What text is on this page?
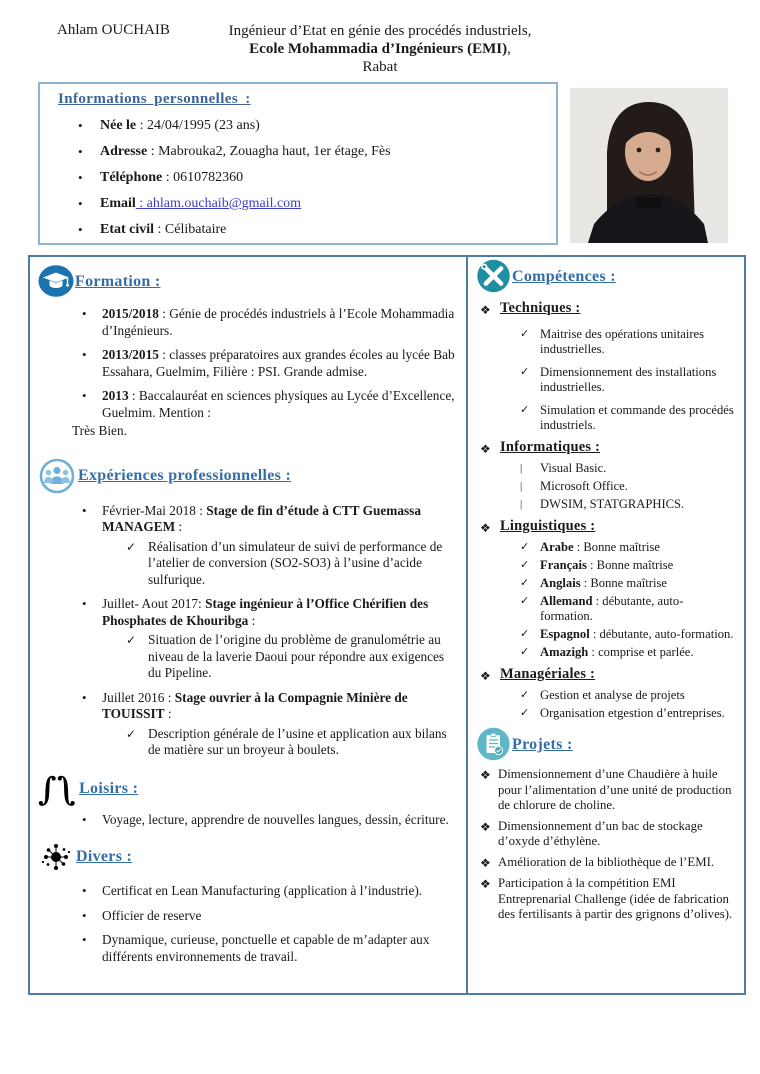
Ahlam OUCHAIB	Ingénieur d’Etat en génie des procédés industriels,
Ecole Mohammadia d’Ingénieurs (EMI),
Rabat
Informations personnelles :
•	Née le : 24/04/1995 (23 ans)
•	Adresse : Mabrouka2, Zouagha haut, 1er étage, Fès
•	Téléphone : 0610782360
•	Email : ahlam.ouchaib@gmail.com
•	Etat civil : Célibataire
Formation :
•	2015/2018 : Génie de procédés industriels à l’Ecole Mohammadia d’Ingénieurs.
•	2013/2015 : classes préparatoires aux grandes écoles au lycée Bab Essahara, Guelmim, Filière : PSI. Grande admise.
•	2013 : Baccalauréat en sciences physiques au Lycée d’Excellence, Guelmim. Mention :
Très Bien.
Expériences professionnelles :
•	Février-Mai 2018 : Stage de fin d’étude à CTT Guemassa MANAGEM :
✓ Réalisation d’un simulateur de suivi de performance de l’atelier de conversion (SO2-SO3) à l’usine d’acide sulfurique.
•	Juillet- Aout 2017: Stage ingénieur à l’Office Chérifien des Phosphates de Khouribga :
✓ Situation de l’origine du problème de granulométrie au niveau de la laverie Daoui pour répondre aux exigences du Pipeline.
•	Juillet 2016 : Stage ouvrier à la Compagnie Minière de TOUISSIT :
✓ Description générale de l’usine et application aux bilans de matière sur un broyeur à boulets.
∫ ∫ Loisirs :
•	Voyage, lecture, apprendre de nouvelles langues, dessin, écriture.
Divers :
•	Certificat en Lean Manufacturing (application à l’industrie).
•	Officier de reserve
•	Dynamique, curieuse, ponctuelle et capable de m’adapter aux différents environnements de travail.
Compétences :
❖ Techniques :
✓ Maitrise des opérations unitaires industrielles.
✓ Dimensionnement des installations industrielles.
✓ Simulation et commande des procédés industriels.
❖ Informatiques :
|	Visual Basic.
|	Microsoft Office.
|	DWSIM, STATGRAPHICS.
❖ Linguistiques :
✓ Arabe : Bonne maîtrise
✓ Français : Bonne maîtrise
✓ Anglais : Bonne maîtrise
✓ Allemand : débutante, auto-formation.
✓ Espagnol : débutante, auto-formation.
✓ Amazigh : comprise et parlée.
❖ Managériales :
✓ Gestion et analyse de projets
✓ Organisation etgestion d’entreprises.
Projets :
❖ Dimensionnement d’une Chaudière à huile pour l’alimentation d’une unité de production de chlorure de choline.
❖ Dimensionnement d’un bac de stockage d’oxyde d’éthylène.
❖ Amélioration de la bibliothèque de l’EMI.
❖ Participation à la compétition EMI Entreprenarial Challenge (idée de fabrication des fertilisants à partir des grignons d’olives).
